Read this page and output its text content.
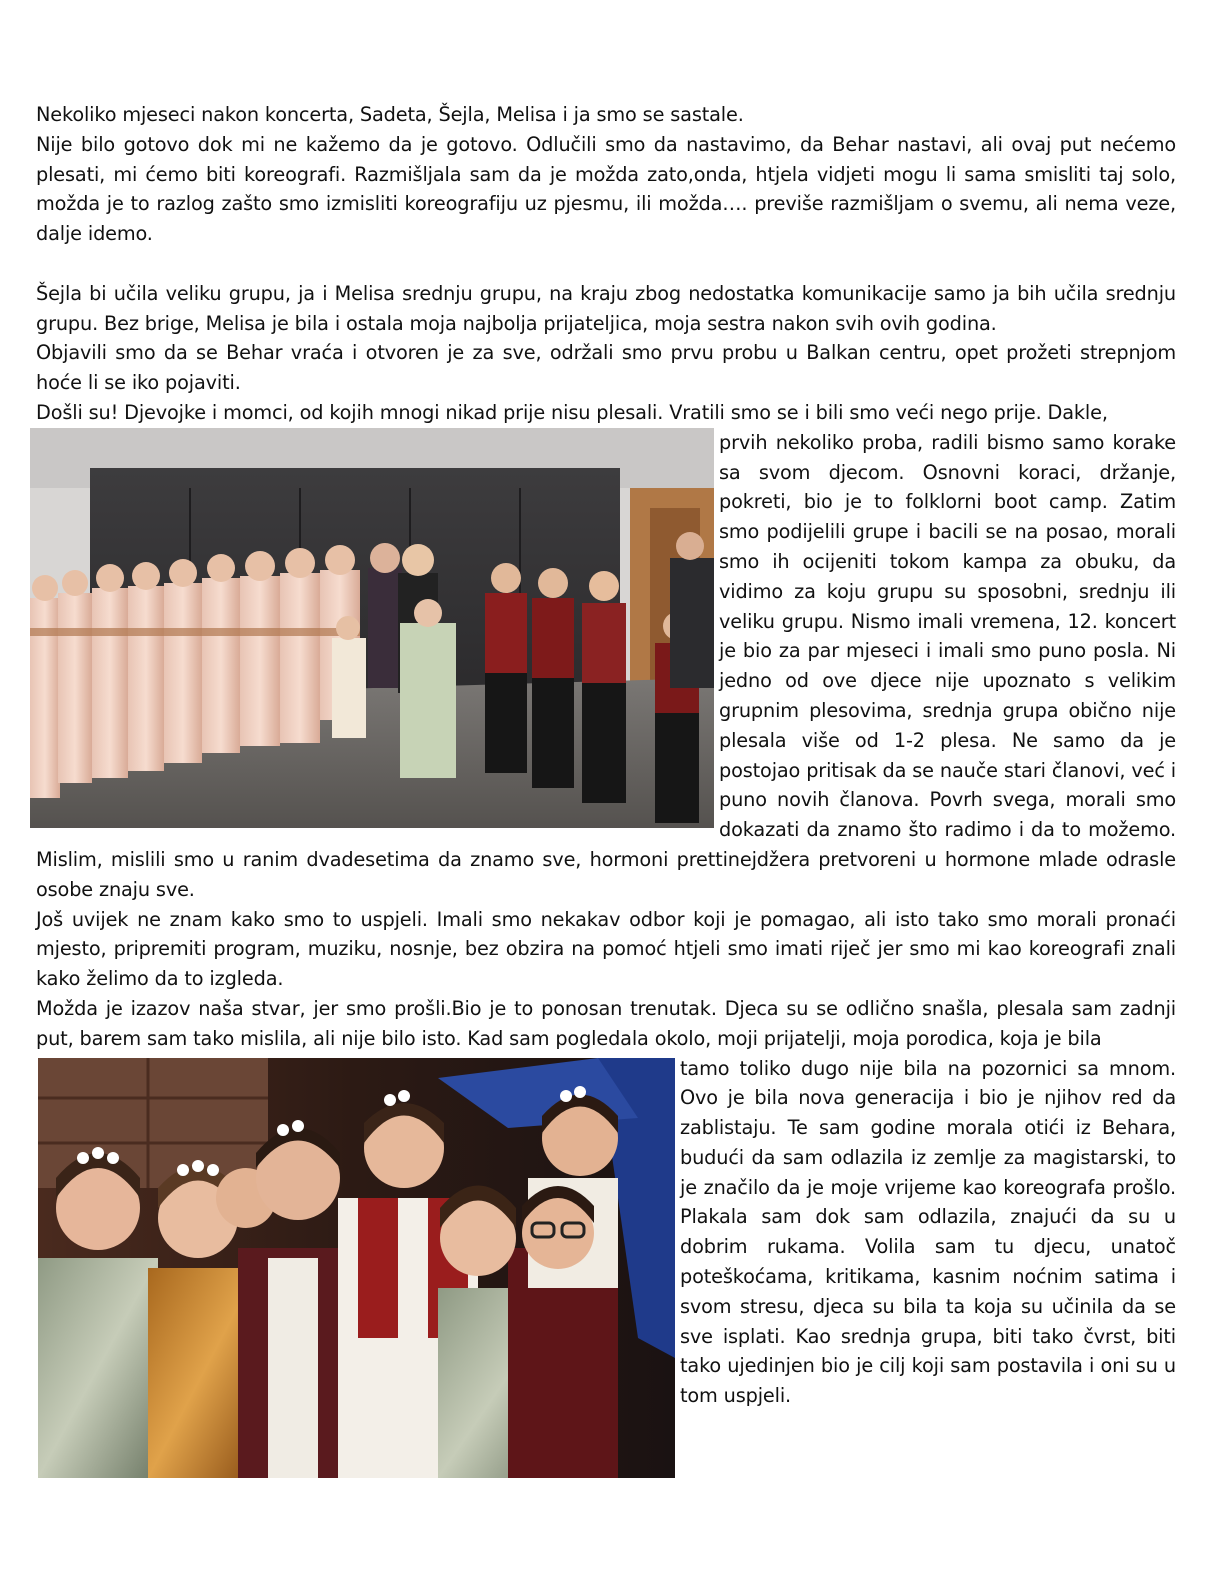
Nekoliko mjeseci nakon koncerta, Sadeta, Šejla, Melisa i ja smo se sastale.

Nije bilo gotovo dok mi ne kažemo da je gotovo. Odlučili smo da nastavimo, da Behar nastavi, ali ovaj put nećemo plesati, mi ćemo biti koreografi. Razmišljala sam da je možda zato,onda, htjela vidjeti mogu li sama smisliti taj solo, možda je to razlog zašto smo izmisliti koreografiju uz pjesmu, ili možda…. previše razmišljam o svemu, ali nema veze, dalje idemo.

Šejla bi učila veliku grupu, ja i Melisa srednju grupu, na kraju zbog nedostatka komunikacije samo ja bih učila srednju grupu. Bez brige, Melisa je bila i ostala moja najbolja prijateljica, moja sestra nakon svih ovih godina.

Objavili smo da se Behar vraća i otvoren je za sve, održali smo prvu probu u Balkan centru, opet prožeti strepnjom hoće li se iko pojaviti.

Došli su! Djevojke i momci, od kojih mnogi nikad prije nisu plesali. Vratili smo se i bili smo veći nego prije. Dakle,

prvih nekoliko proba, radili bismo samo korake sa svom djecom. Osnovni koraci, držanje, pokreti, bio je to folklorni boot camp. Zatim smo podijelili grupe i bacili se na posao, morali smo ih ocijeniti tokom kampa za obuku, da vidimo za koju grupu su sposobni, srednju ili veliku grupu. Nismo imali vremena, 12. koncert je bio za par mjeseci i imali smo puno posla. Ni jedno od ove djece nije upoznato s velikim grupnim plesovima, srednja grupa obično nije plesala više od 1-2 plesa. Ne samo da je postojao pritisak da se nauče stari članovi, već i puno novih članova. Povrh svega, morali smo dokazati da znamo što radimo i da to možemo. Mislim, mislili smo u ranim dvadesetima da znamo sve, hormoni prettinejdžera pretvoreni u hormone mlade odrasle osobe znaju sve.

Još uvijek ne znam kako smo to uspjeli. Imali smo nekakav odbor koji je pomagao, ali isto tako smo morali pronaći mjesto, pripremiti program, muziku, nosnje, bez obzira na pomoć htjeli smo imati riječ jer smo mi kao koreografi znali kako želimo da to izgleda.

Možda je izazov naša stvar, jer smo prošli.Bio je to ponosan trenutak. Djeca su se odlično snašla, plesala sam zadnji put, barem sam tako mislila, ali nije bilo isto. Kad sam pogledala okolo, moji prijatelji, moja porodica, koja je bila

tamo toliko dugo nije bila na pozornici sa mnom. Ovo je bila nova generacija i bio je njihov red da zablistaju. Te sam godine morala otići iz Behara, budući da sam odlazila iz zemlje za magistarski, to je značilo da je moje vrijeme kao koreografa prošlo. Plakala sam dok sam odlazila, znajući da su u dobrim rukama. Volila sam tu djecu, unatoč poteškoćama, kritikama, kasnim noćnim satima i svom stresu, djeca su bila ta koja su učinila da se sve isplati. Kao srednja grupa, biti tako čvrst, biti tako ujedinjen bio je cilj koji sam postavila i oni su u tom uspjeli.
